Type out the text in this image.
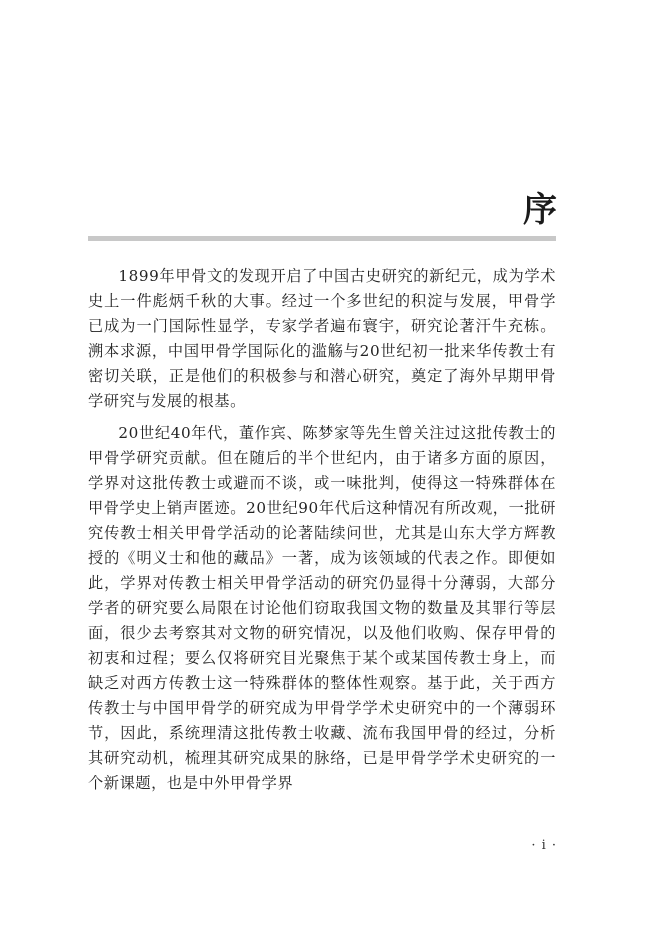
序

1899年甲骨文的发现开启了中国古史研究的新纪元，成为学术史上一件彪炳千秋的大事。经过一个多世纪的积淀与发展，甲骨学已成为一门国际性显学，专家学者遍布寰宇，研究论著汗牛充栋。溯本求源，中国甲骨学国际化的滥觞与20世纪初一批来华传教士有密切关联，正是他们的积极参与和潜心研究，奠定了海外早期甲骨学研究与发展的根基。

20世纪40年代，董作宾、陈梦家等先生曾关注过这批传教士的甲骨学研究贡献。但在随后的半个世纪内，由于诸多方面的原因，学界对这批传教士或避而不谈，或一味批判，使得这一特殊群体在甲骨学史上销声匿迹。20世纪90年代后这种情况有所改观，一批研究传教士相关甲骨学活动的论著陆续问世，尤其是山东大学方辉教授的《明义士和他的藏品》一著，成为该领域的代表之作。即便如此，学界对传教士相关甲骨学活动的研究仍显得十分薄弱，大部分学者的研究要么局限在讨论他们窃取我国文物的数量及其罪行等层面，很少去考察其对文物的研究情况，以及他们收购、保存甲骨的初衷和过程；要么仅将研究目光聚焦于某个或某国传教士身上，而缺乏对西方传教士这一特殊群体的整体性观察。基于此，关于西方传教士与中国甲骨学的研究成为甲骨学学术史研究中的一个薄弱环节，因此，系统理清这批传教士收藏、流布我国甲骨的经过，分析其研究动机，梳理其研究成果的脉络，已是甲骨学学术史研究的一个新课题，也是中外甲骨学界

· i ·
